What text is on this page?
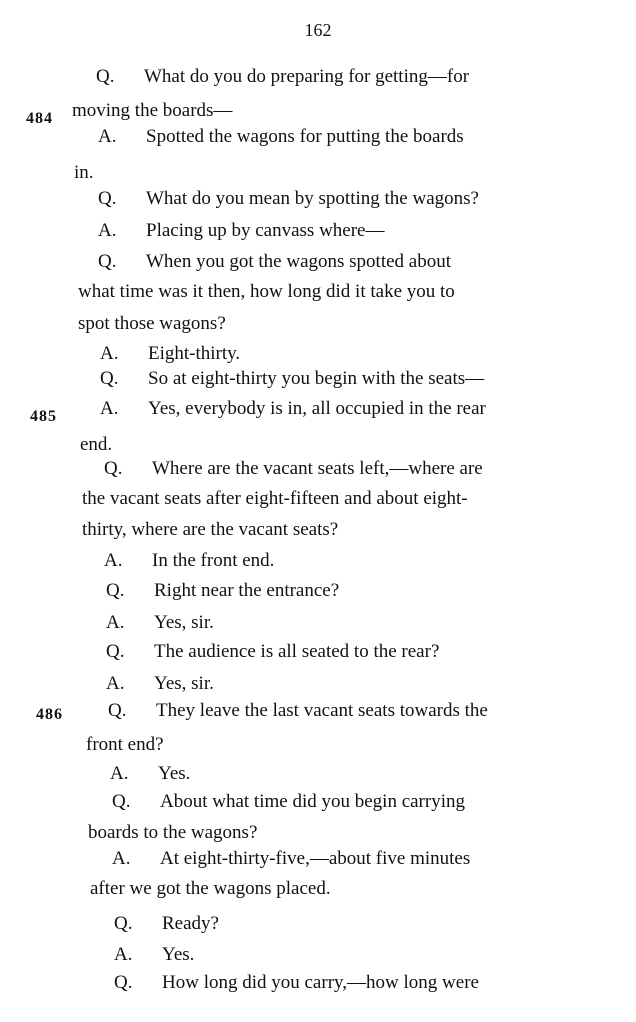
162
484
485
486
Q. What do you do preparing for getting—for
moving the boards—
A. Spotted the wagons for putting the boards
in.
Q. What do you mean by spotting the wagons?
A. Placing up by canvass where—
Q. When you got the wagons spotted about
what time was it then, how long did it take you to
spot those wagons?
A. Eight-thirty.
Q. So at eight-thirty you begin with the seats—
A. Yes, everybody is in, all occupied in the rear
end.
Q. Where are the vacant seats left,—where are
the vacant seats after eight-fifteen and about eight-
thirty, where are the vacant seats?
A. In the front end.
Q. Right near the entrance?
A. Yes, sir.
Q. The audience is all seated to the rear?
A. Yes, sir.
Q. They leave the last vacant seats towards the
front end?
A. Yes.
Q. About what time did you begin carrying
boards to the wagons?
A. At eight-thirty-five,—about five minutes
after we got the wagons placed.
Q. Ready?
A. Yes.
Q. How long did you carry,—how long were
